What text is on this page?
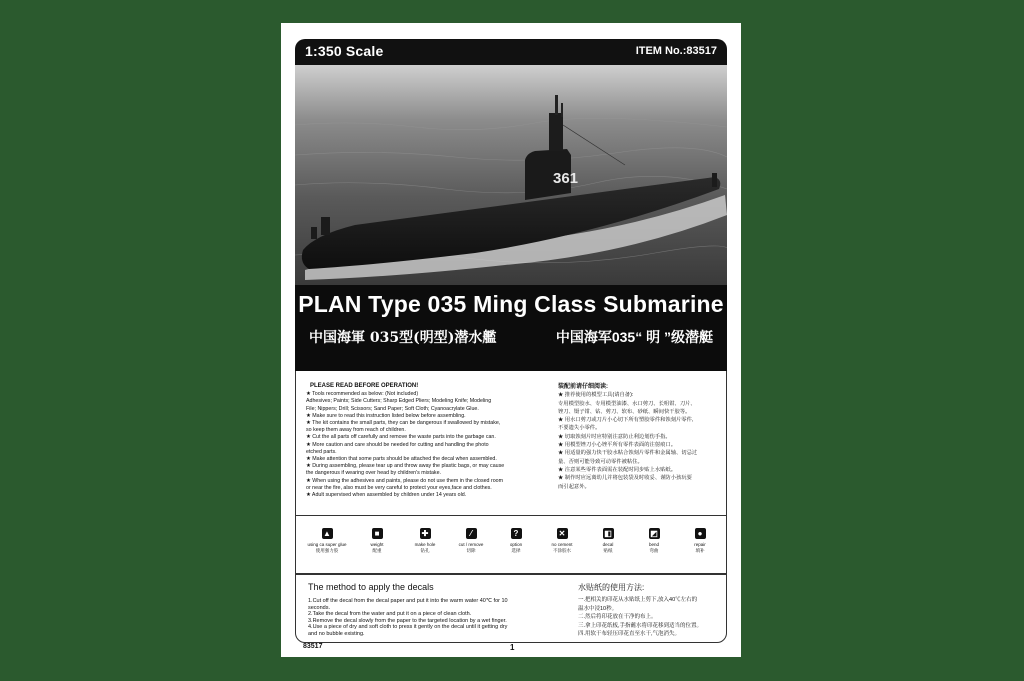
1:350 Scale	ITEM No.:83517
361
PLAN Type 035 Ming Class Submarine
中国海軍 035型(明型)潜水艦	中国海军035“ 明 ”级潜艇
PLEASE READ BEFORE OPERATION!

★ Tools recommended as below: (Not included)

Adhesives; Paints; Side Cutters; Sharp Edged Pliers; Modeling Knife; Modeling

File; Nippers; Drill; Scissors; Sand Paper; Soft Cloth; Cyanoacrylate Glue.

★ Make sure to read this instruction listed below before assembling.

★ The kit contains the small parts, they can be dangerous if swallowed by mistake,

so keep them away from reach of children.

★ Cut the all parts off carefully and remove the waste parts into the garbage can.

★ More caution and care should be needed for cutting and handling the photo

etched parts.

★ Make attention that some parts should be attached the decal when assembled.

★ During assembling, please tear up and throw away the plastic bags, or may cause

the dangerous if wearing over head by children's mistake.

★ When using the adhesives and paints, please do not use them in the closed room

or near the fire, also must be very careful to protect your eyes,face and clothes.

★ Adult supervised when assembled by children under 14 years old.

装配前请仔细阅读:

★ 推荐使用的模型工具(请自备):

专用模型胶水、专用模型油漆、水口剪刀、长咀钳、刀片、

锉刀、镊子钳、钻、剪刀、软布、砂纸、瞬间快干胶等。

★ 用水口剪刀或刀片小心切下所有塑胶零件和蚀刻片零件,

不要遗失小零件。

★ 切取蚀刻片时应特别注意防止利边划伤手指。

★ 用模型锉刀小心锉平所有零件表面的注射痕口。

★ 用适量的强力快干胶水粘合蚀刻片零件和金属轴、切忌过

量、否则可能导致可动零件被粘住。

★ 注意某些零件表面需在装配时同步贴上水贴纸。

★ 制作时应远离幼儿并将包装袋及时收妥、谨防小孩玩耍

而引起意外。

▲
using ca super glue
使用强力胶
■
weight
配重
✚
make hole
钻孔
⁄
cut / remove
切除
?
option
选择
✕
no cement
不涂胶水
◧
decal
贴纸
◩
bend
弯曲
●
repair
填补
The method to apply the decals	水贴纸的使用方法:

1.Cut off the decal from the decal paper and put it into the warm water 40℃ for 10

seconds.

2.Take the decal from the water and put it on a piece of clean cloth.

3.Remove the decal slowly from the paper to the targeted location by a wet finger.

4.Use a piece of dry and soft cloth to press it gently on the decal until it getting dry

and no bubble existing.

一.把相关的印花从水贴纸上剪下,放入40℃左右的

温水中浸10秒。

二.然后将印花放在干净的布上。

三.拿上印花纸板,手指蘸水将印花移到适当的位置。

四.用软干布轻压印花直至水干,气泡消失。

83517	1
